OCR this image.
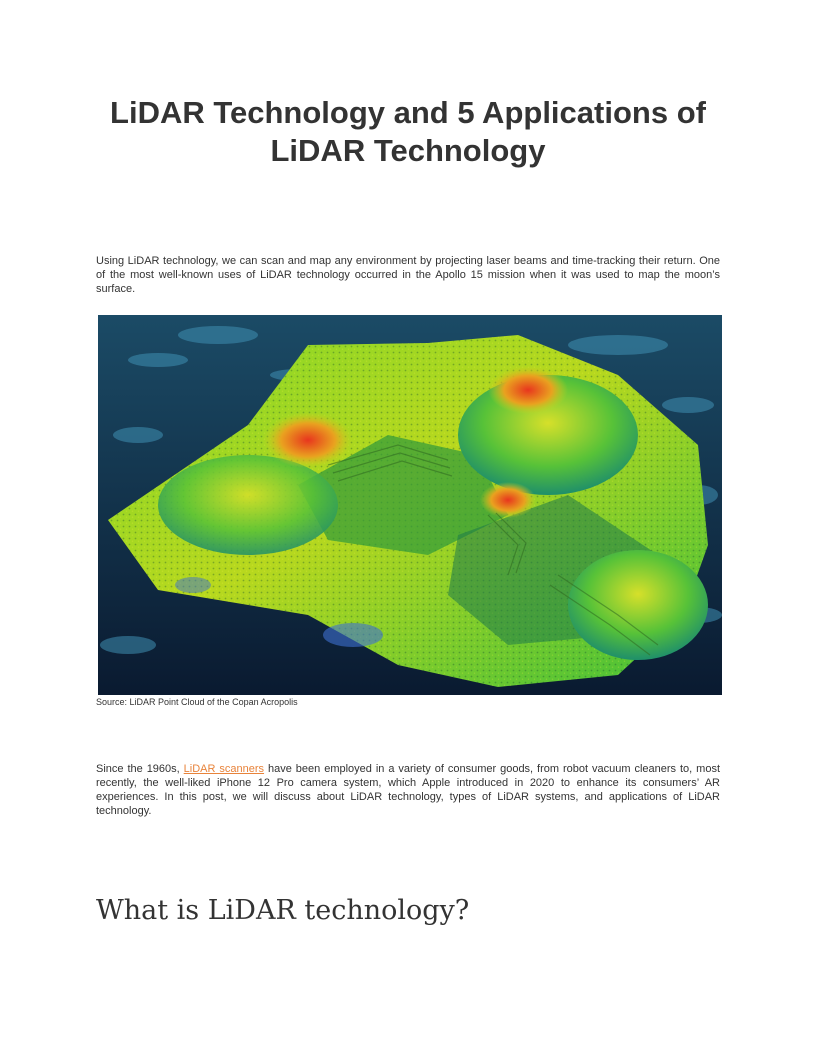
LiDAR Technology and 5 Applications of LiDAR Technology

Using LiDAR technology, we can scan and map any environment by projecting laser beams and time-tracking their return. One of the most well-known uses of LiDAR technology occurred in the Apollo 15 mission when it was used to map the moon’s surface.

Source: LiDAR Point Cloud of the Copan Acropolis

Since the 1960s, LiDAR scanners have been employed in a variety of consumer goods, from robot vacuum cleaners to, most recently, the well-liked iPhone 12 Pro camera system, which Apple introduced in 2020 to enhance its consumers’ AR experiences. In this post, we will discuss about LiDAR technology, types of LiDAR systems, and applications of LiDAR technology.

What is LiDAR technology?
